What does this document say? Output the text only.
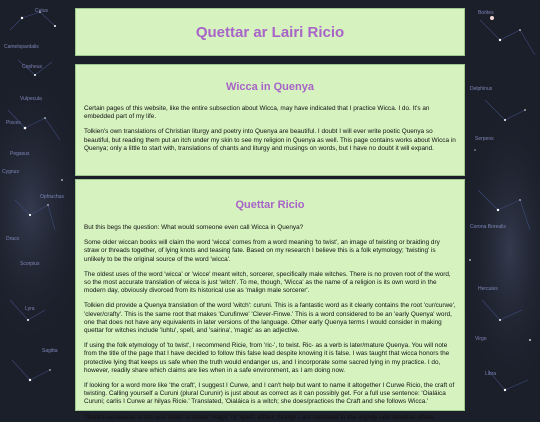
Cetus
Camelopardalis
Cepheus
Vulpecula
Pisces
Pegasus
Cygnus
Ophiuchus
Draco
Scorpius
Lyra
Sagitta
Boötes
Delphinus
Serpens
Corona Borealis
Hercules
Virgo
Libra
Quettar ar Lairi Ricio
Wicca in Quenya

Certain pages of this website, like the entire subsection about Wicca, may have indicated that I practice Wicca. I do. It's an embedded part of my life.

Tolkien's own translations of Christian liturgy and poetry into Quenya are beautiful. I doubt I will ever write poetic Quenya so beautiful, but reading them put an itch under my skin to see my religion in Quenya as well. This page contains works about Wicca in Quenya; only a little to start with, translations of chants and liturgy and musings on words, but I have no doubt it will expand.

Quettar Ricio

But this begs the question: What would someone even call Wicca in Quenya?

Some older wiccan books will claim the word 'wicca' comes from a word meaning 'to twist', an image of twisting or braiding dry straw or threads together, of lying knots and teasing fate. Based on my research I believe this is a folk etymology; 'twisting' is unlikely to be the original source of the word 'wicca'.

The oldest uses of the word 'wicca' or 'wicce' meant witch, sorcerer, specifically male witches. There is no proven root of the word, so the most accurate translation of wicca is just 'witch'. To me, though, 'Wicca' as the name of a religion is its own word in the modern day, obviously divorced from its historical use as 'malign male sorcerer'.

Tolkien did provide a Quenya translation of the word 'witch': curuni. This is a fantastic word as it clearly contains the root 'cur/curwe', 'clever/crafty'. This is the same root that makes 'Curufinwe' 'Clever-Finwe.' This is a word considered to be an 'early Quenya' word, one that does not have any equivalents in later versions of the language. Other early Quenya terms I would consider in making quettar for witches include 'luhtu', spell, and 'sairina', 'magic' as an adjective.

If using the folk etymology of 'to twist', I recommend Ricie, from 'ric-', to twist. Ric- as a verb is later/mature Quenya. You will note from the title of the page that I have decided to follow this false lead despite knowing it is false. I was taught that wicca honors the protective lying that keeps us safe when the truth would endanger us, and I incorporate some sacred lying in my practice. I do, however, readily share which claims are lies when in a safe environment, as I am doing now.

If looking for a word more like 'the craft', I suggest I Curwe, and I can't help but want to name it altogether I Curwe Ricio, the craft of twisting. Calling yourself a Curuni (plural Curunir) is just about as correct as it can possibly get. For a full use sentence: 'Oialáica Curuni; carlis I Curwe ar hilyas Ricie.' Translated, 'Oialáica is a witch; she does/practices the Craft and she follows Wicca.'

There's no reason to not use 'luhtu' to mean 'magic' or 'spell', either, though I am someone in the slightly odd situation where
